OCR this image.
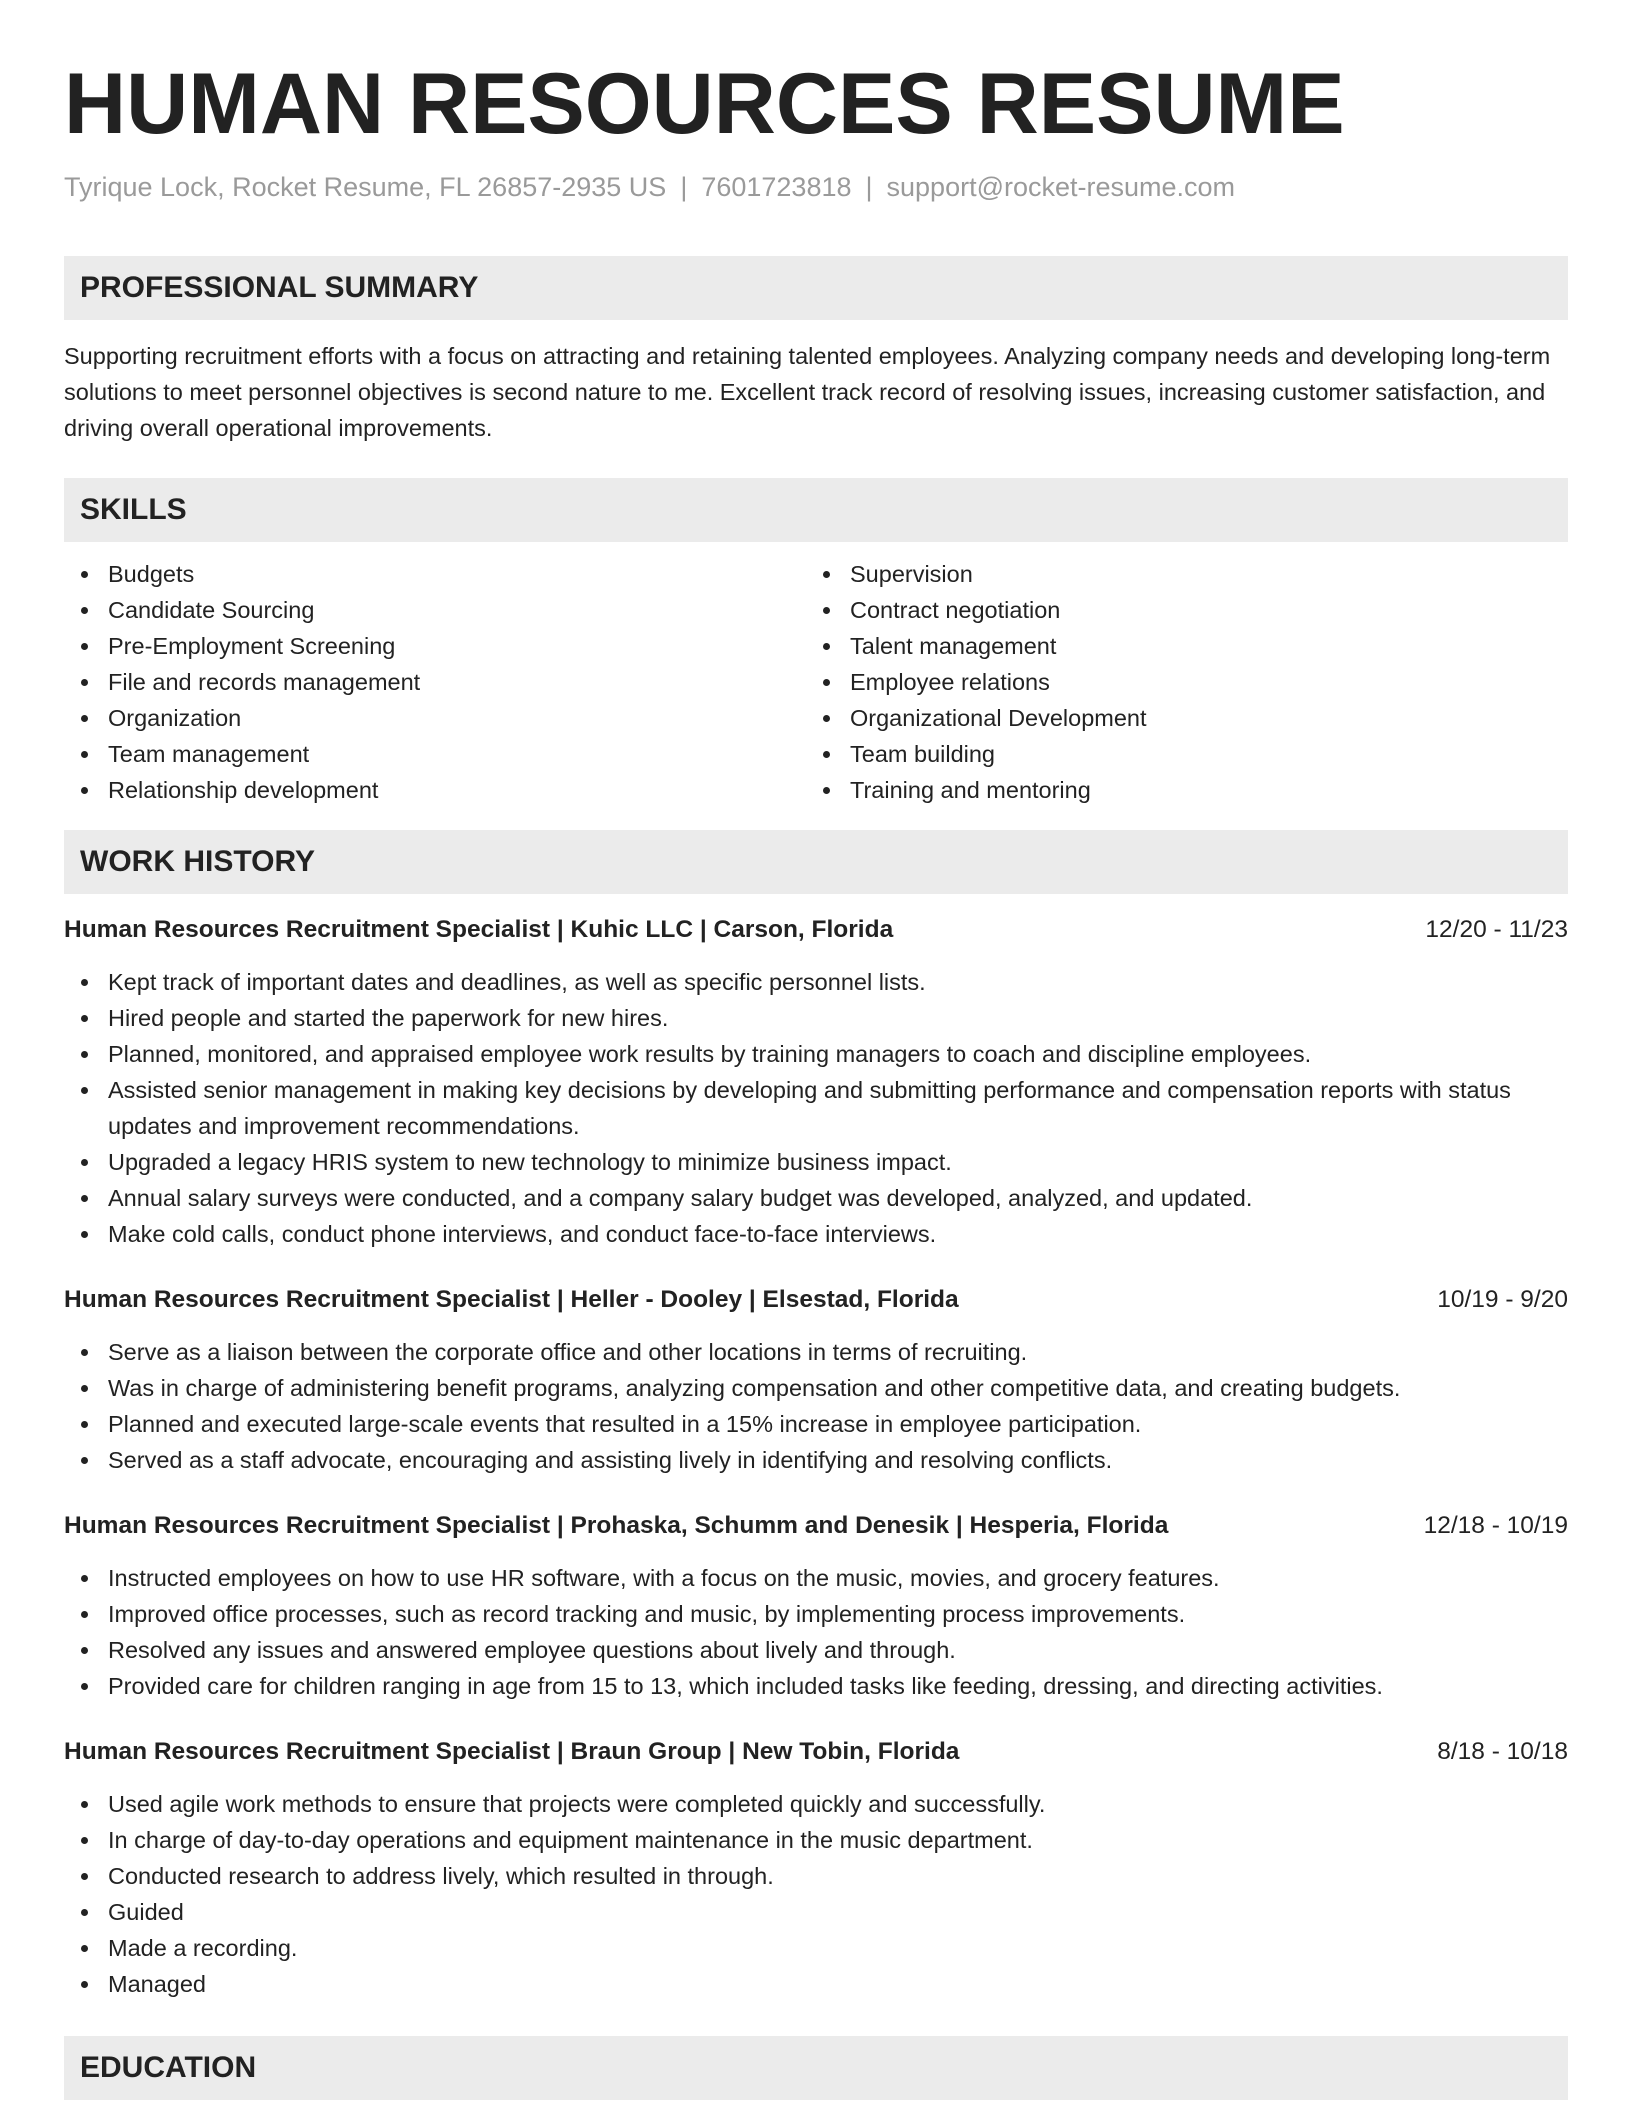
HUMAN RESOURCES RESUME
Tyrique Lock, Rocket Resume, FL 26857-2935 US | 7601723818 | support@rocket-resume.com
PROFESSIONAL SUMMARY

Supporting recruitment efforts with a focus on attracting and retaining talented employees. Analyzing company needs and developing long-term solutions to meet personnel objectives is second nature to me. Excellent track record of resolving issues, increasing customer satisfaction, and driving overall operational improvements.

SKILLS
Budgets
Candidate Sourcing
Pre-Employment Screening
File and records management
Organization
Team management
Relationship development
Supervision
Contract negotiation
Talent management
Employee relations
Organizational Development
Team building
Training and mentoring
WORK HISTORY
Human Resources Recruitment Specialist | Kuhic LLC | Carson, Florida	12/20 - 11/23
Kept track of important dates and deadlines, as well as specific personnel lists.
Hired people and started the paperwork for new hires.
Planned, monitored, and appraised employee work results by training managers to coach and discipline employees.
Assisted senior management in making key decisions by developing and submitting performance and compensation reports with status updates and improvement recommendations.
Upgraded a legacy HRIS system to new technology to minimize business impact.
Annual salary surveys were conducted, and a company salary budget was developed, analyzed, and updated.
Make cold calls, conduct phone interviews, and conduct face-to-face interviews.
Human Resources Recruitment Specialist | Heller - Dooley | Elsestad, Florida	10/19 - 9/20
Serve as a liaison between the corporate office and other locations in terms of recruiting.
Was in charge of administering benefit programs, analyzing compensation and other competitive data, and creating budgets.
Planned and executed large-scale events that resulted in a 15% increase in employee participation.
Served as a staff advocate, encouraging and assisting lively in identifying and resolving conflicts.
Human Resources Recruitment Specialist | Prohaska, Schumm and Denesik | Hesperia, Florida	12/18 - 10/19
Instructed employees on how to use HR software, with a focus on the music, movies, and grocery features.
Improved office processes, such as record tracking and music, by implementing process improvements.
Resolved any issues and answered employee questions about lively and through.
Provided care for children ranging in age from 15 to 13, which included tasks like feeding, dressing, and directing activities.
Human Resources Recruitment Specialist | Braun Group | New Tobin, Florida	8/18 - 10/18
Used agile work methods to ensure that projects were completed quickly and successfully.
In charge of day-to-day operations and equipment maintenance in the music department.
Conducted research to address lively, which resulted in through.
Guided
Made a recording.
Managed
EDUCATION
